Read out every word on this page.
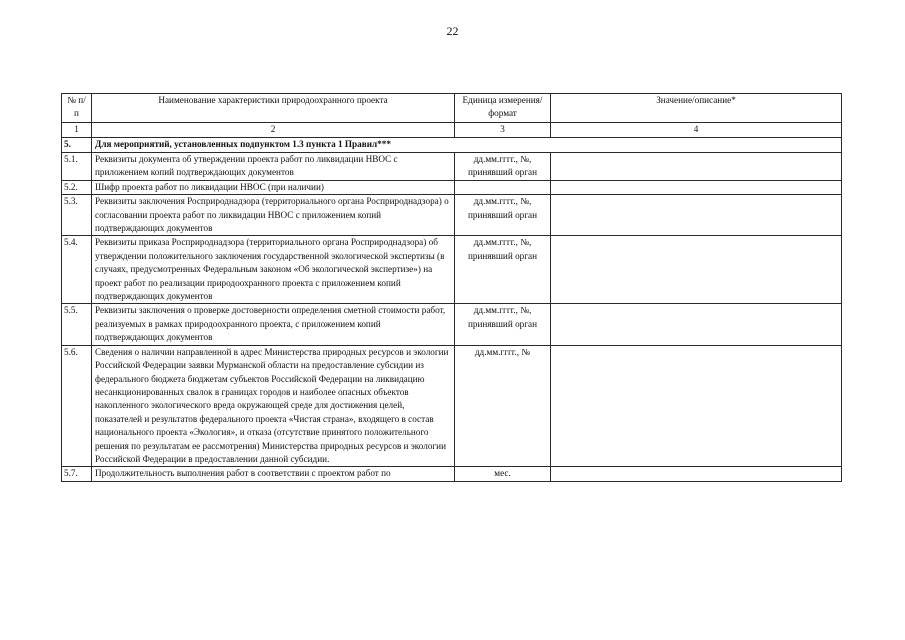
22
№ п/п	Наименование характеристики природоохранного проекта	Единица измерения/формат	Значение/описание*
1	2	3	4
5.	Для мероприятий, установленных подпунктом 1.3 пункта 1 Правил***		
5.1.	Реквизиты документа об утверждении проекта работ по ликвидации НВОС с приложением копий подтверждающих документов	дд.мм.гггг., №, принявший орган	
5.2.	Шифр проекта работ по ликвидации НВОС (при наличии)		
5.3.	Реквизиты заключения Росприроднадзора (территориального органа Росприроднадзора) о согласовании проекта работ по ликвидации НВОС с приложением копий подтверждающих документов	дд.мм.гггг., №, принявший орган	
5.4.	Реквизиты приказа Росприроднадзора (территориального органа Росприроднадзора) об утверждении положительного заключения государственной экологической экспертизы (в случаях, предусмотренных Федеральным законом «Об экологической экспертизе») на проект работ по реализации природоохранного проекта с приложением копий подтверждающих документов	дд.мм.гггг., №, принявший орган	
5.5.	Реквизиты заключения о проверке достоверности определения сметной стоимости работ, реализуемых в рамках природоохранного проекта, с приложением копий подтверждающих документов	дд.мм.гггг., №, принявший орган	
5.6.	Сведения о наличии направленной в адрес Министерства природных ресурсов и экологии Российской Федерации заявки Мурманской области на предоставление субсидии из федерального бюджета бюджетам субъектов Российской Федерации на ликвидацию несанкционированных свалок в границах городов и наиболее опасных объектов накопленного экологического вреда окружающей среде для достижения целей, показателей и результатов федерального проекта «Чистая страна», входящего в состав национального проекта «Экология», и отказа (отсутствие принятого положительного решения по результатам ее рассмотрения) Министерства природных ресурсов и экологии Российской Федерации в предоставлении данной субсидии.	дд.мм.гггг., №	
5.7.	Продолжительность выполнения работ в соответствии с проектом работ по	мес.	
